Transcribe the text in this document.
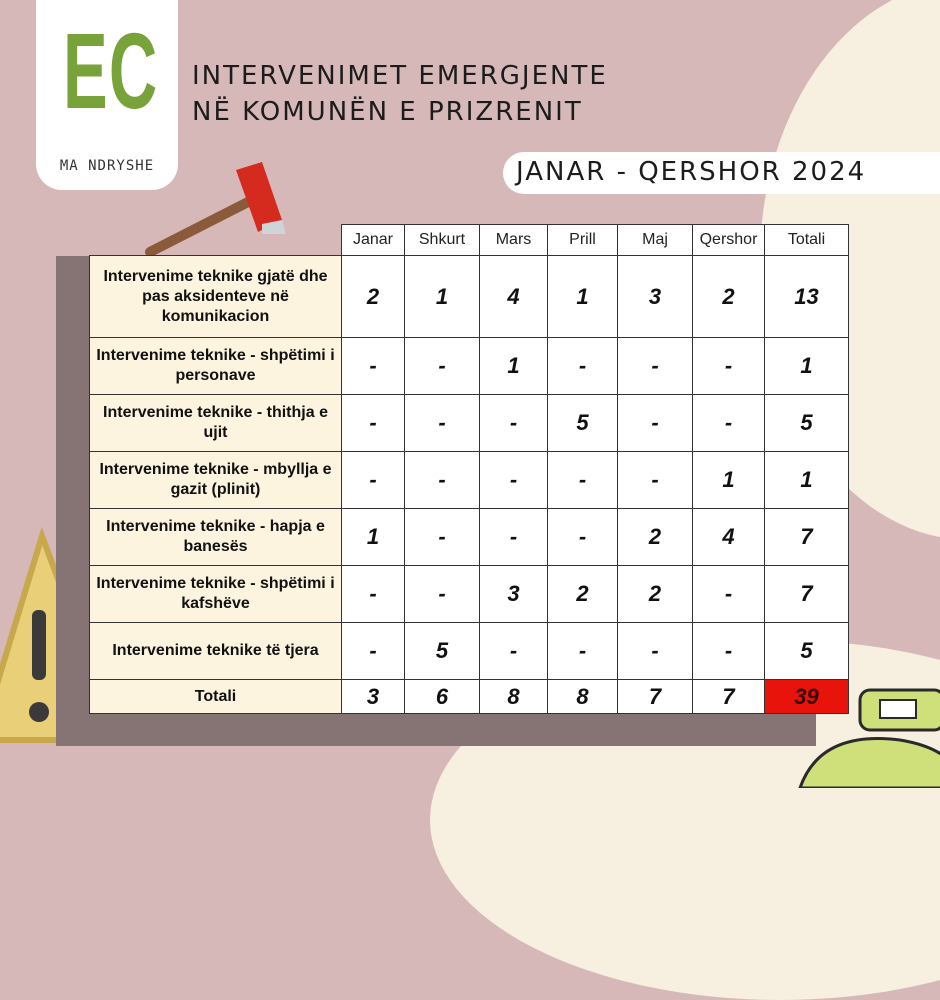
EC
MA NDRYSHE
INTERVENIMET EMERGJENTE
NË KOMUNËN E PRIZRENIT
JANAR - QERSHOR 2024
	Janar	Shkurt	Mars	Prill	Maj	Qershor	Totali
Intervenime teknike gjatë dhe pas aksidenteve në komunikacion	2	1	4	1	3	2	13
Intervenime teknike - shpëtimi i personave	-	-	1	-	-	-	1
Intervenime teknike - thithja e ujit	-	-	-	5	-	-	5
Intervenime teknike - mbyllja e gazit (plinit)	-	-	-	-	-	1	1
Intervenime teknike - hapja e banesës	1	-	-	-	2	4	7
Intervenime teknike - shpëtimi i kafshëve	-	-	3	2	2	-	7
Intervenime teknike të tjera	-	5	-	-	-	-	5
Totali	3	6	8	8	7	7	39
